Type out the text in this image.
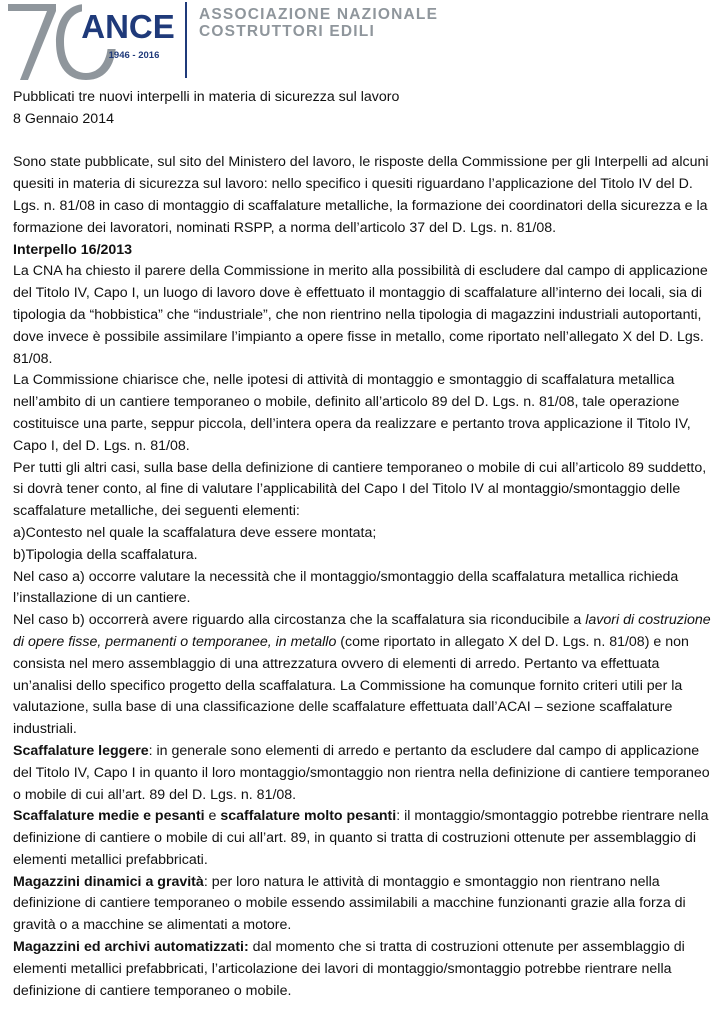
ANCE
1946 - 2016
ASSOCIAZIONE NAZIONALE
COSTRUTTORI EDILI

Pubblicati tre nuovi interpelli in materia di sicurezza sul lavoro

8 Gennaio 2014

Sono state pubblicate, sul sito del Ministero del lavoro, le risposte della Commissione per gli Interpelli ad alcuni quesiti in materia di sicurezza sul lavoro: nello specifico i quesiti riguardano l’applicazione del Titolo IV del D. Lgs. n. 81/08 in caso di montaggio di scaffalature metalliche, la formazione dei coordinatori della sicurezza e la formazione dei lavoratori, nominati RSPP, a norma dell’articolo 37 del D. Lgs. n. 81/08.

Interpello 16/2013

La CNA ha chiesto il parere della Commissione in merito alla possibilità di escludere dal campo di applicazione del Titolo IV, Capo I, un luogo di lavoro dove è effettuato il montaggio di scaffalature all’interno dei locali, sia di tipologia da “hobbistica” che “industriale”, che non rientrino nella tipologia di magazzini industriali autoportanti, dove invece è possibile assimilare l’impianto a opere fisse in metallo, come riportato nell’allegato X del D. Lgs. 81/08.

La Commissione chiarisce che, nelle ipotesi di attività di montaggio e smontaggio di scaffalatura metallica nell’ambito di un cantiere temporaneo o mobile, definito all’articolo 89 del D. Lgs. n. 81/08, tale operazione costituisce una parte, seppur piccola, dell’intera opera da realizzare e pertanto trova applicazione il Titolo IV, Capo I, del D. Lgs. n. 81/08.

Per tutti gli altri casi, sulla base della definizione di cantiere temporaneo o mobile di cui all’articolo 89 suddetto, si dovrà tener conto, al fine di valutare l’applicabilità del Capo I del Titolo IV al montaggio/smontaggio delle scaffalature metalliche, dei seguenti elementi:

a)Contesto nel quale la scaffalatura deve essere montata;

b)Tipologia della scaffalatura.

Nel caso a) occorre valutare la necessità che il montaggio/smontaggio della scaffalatura metallica richieda l’installazione di un cantiere.

Nel caso b) occorrerà avere riguardo alla circostanza che la scaffalatura sia riconducibile a lavori di costruzione di opere fisse, permanenti o temporanee, in metallo (come riportato in allegato X del D. Lgs. n. 81/08) e non consista nel mero assemblaggio di una attrezzatura ovvero di elementi di arredo. Pertanto va effettuata un’analisi dello specifico progetto della scaffalatura. La Commissione ha comunque fornito criteri utili per la valutazione, sulla base di una classificazione delle scaffalature effettuata dall’ACAI – sezione scaffalature industriali.

Scaffalature leggere: in generale sono elementi di arredo e pertanto da escludere dal campo di applicazione del Titolo IV, Capo I in quanto il loro montaggio/smontaggio non rientra nella definizione di cantiere temporaneo o mobile di cui all’art. 89 del D. Lgs. n. 81/08.

Scaffalature medie e pesanti e scaffalature molto pesanti: il montaggio/smontaggio potrebbe rientrare nella definizione di cantiere o mobile di cui all’art. 89, in quanto si tratta di costruzioni ottenute per assemblaggio di elementi metallici prefabbricati.

Magazzini dinamici a gravità: per loro natura le attività di montaggio e smontaggio non rientrano nella definizione di cantiere temporaneo o mobile essendo assimilabili a macchine funzionanti grazie alla forza di gravità o a macchine se alimentati a motore.

Magazzini ed archivi automatizzati: dal momento che si tratta di costruzioni ottenute per assemblaggio di elementi metallici prefabbricati, l’articolazione dei lavori di montaggio/smontaggio potrebbe rientrare nella definizione di cantiere temporaneo o mobile.
